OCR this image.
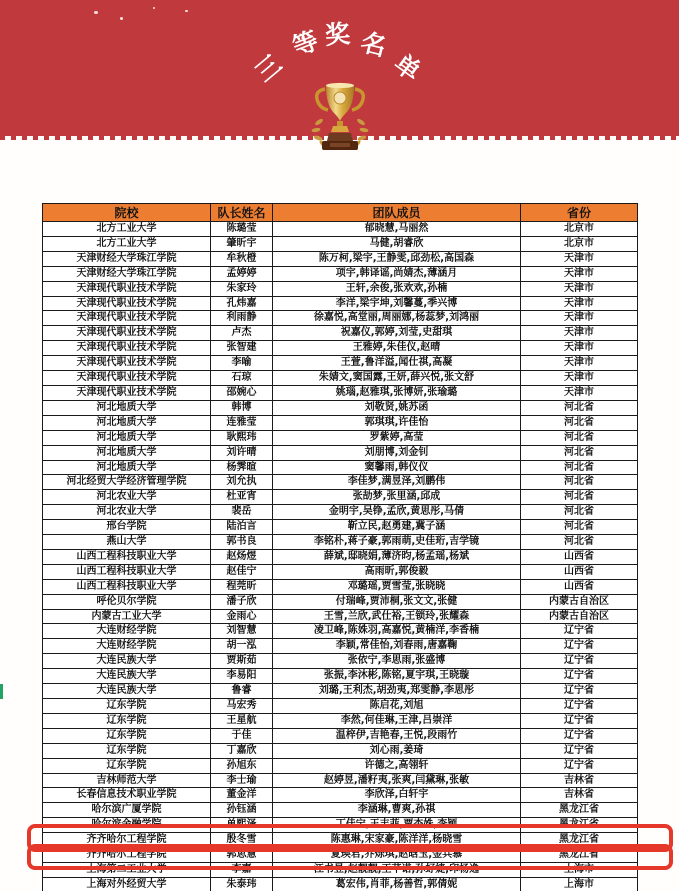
三
等 奖 名
单
院校	队长姓名	团队成员	省份
北方工业大学	陈璐莹	郁晓慧,马丽然	北京市
北方工业大学	肇昕宇	马健,胡睿欣	北京市
天津财经大学珠江学院	牟秋橙	陈万柯,梁宇,王静雯,邱劲松,高国森	天津市
天津财经大学珠江学院	孟婷婷	项宇,韩译谣,尚婧杰,薄涵月	天津市
天津现代职业技术学院	朱家玲	王轩,余俊,张欢欢,孙楠	天津市
天津现代职业技术学院	孔炜嘉	李洋,梁宇坤,刘馨蔓,季兴博	天津市
天津现代职业技术学院	利雨静	徐嘉悦,高堂丽,周丽娜,杨蕊梦,刘鸿丽	天津市
天津现代职业技术学院	卢杰	祝嘉仪,郭婷,刘莹,史甜琪	天津市
天津现代职业技术学院	张智建	王雅婷,朱佳仪,赵晴	天津市
天津现代职业技术学院	李喻	王萱,鲁洋溢,闻仕祺,高凝	天津市
天津现代职业技术学院	石琼	朱婧文,窦国露,王妍,薛兴悦,张文舒	天津市
天津现代职业技术学院	邵婉心	姚瑙,赵雅琪,张博妍,张瑜璐	天津市
河北地质大学	韩博	刘敬贤,姚苏函	河北省
河北地质大学	连雅莹	郭琪琪,许佳怡	河北省
河北地质大学	耿熙玮	罗紫婷,高莹	河北省
河北地质大学	刘许晴	刘朋博,刘金钊	河北省
河北地质大学	杨霁暄	窦馨雨,韩仪仪	河北省
河北经贸大学经济管理学院	刘允执	李佳梦,满昱泽,刘鹏伟	河北省
河北农业大学	杜亚宵	张劼梦,张里涵,邱成	河北省
河北农业大学	裴岳	金明宇,吴铮,孟欣,黄思彤,马倩	河北省
邢台学院	陆泊言	靳立民,赵勇建,冀子涵	河北省
燕山大学	郭书良	李铭朴,蒋子豪,郭雨萌,史佳珩,吉学镜	河北省
山西工程科技职业大学	赵炀煜	薛斌,邸晓娟,薄济昀,杨孟瑶,杨斌	山西省
山西工程科技职业大学	赵佳宁	高雨昕,郭俊毅	山西省
山西工程科技职业大学	程莞昕	邓璐瑶,贾雪莹,张晓晓	山西省
呼伦贝尔学院	潘子欣	付瑞峰,贾沛桐,张文文,张健	内蒙古自治区
内蒙古工业大学	金雨心	王雪,兰欣,武仕裕,王锁玲,张耀森	内蒙古自治区
大连财经学院	刘智慧	凌卫峰,陈姝羽,高嘉悦,黄楠洋,李香楠	辽宁省
大连财经学院	胡一泓	李颖,常佳怡,刘春雨,唐嘉鞠	辽宁省
大连民族大学	贾斯茹	张依宁,李思雨,张盛博	辽宁省
大连民族大学	李易阳	张振,李沐彬,陈铭,夏宇琪,王晓璇	辽宁省
大连民族大学	鲁睿	刘璐,王利杰,胡劲夷,郑雯静,李思彤	辽宁省
辽东学院	马宏秀	陈启花,刘旭	辽宁省
辽东学院	王星航	李然,何佳琳,王津,吕崇洋	辽宁省
辽东学院	于佳	温梓伊,吉艳春,王悦,段雨竹	辽宁省
辽东学院	丁嘉欣	刘心雨,姜琦	辽宁省
辽东学院	孙旭东	许德之,高翎轩	辽宁省
吉林师范大学	李士瑜	赵婷昱,潘籽夷,张爽,闫黛琳,张敏	吉林省
长春信息技术职业学院	董金洋	李欣泽,白轩宇	吉林省
哈尔滨广厦学院	孙钰涵	李涵琳,曹爽,孙祺	黑龙江省
哈尔滨金融学院	单熙泽	丁佳宁,王丰菲,贾杏姝,李颖	黑龙江省
齐齐哈尔工程学院	殷冬雪	陈惠琳,宋家豪,陈洋洋,杨晓雪	黑龙江省
齐齐哈尔工程学院	郭思慧	夏瑛君,乔烁琪,赵晗玉,金兵慕	黑龙江省
上海第二工业大学	李嘉	江书昱,赵靓靓,王芊诺,孙虸婕,印杨逸	上海市
上海对外经贸大学	朱泰玮	葛宏伟,肖菲,杨善哲,郭倩妮	上海市
